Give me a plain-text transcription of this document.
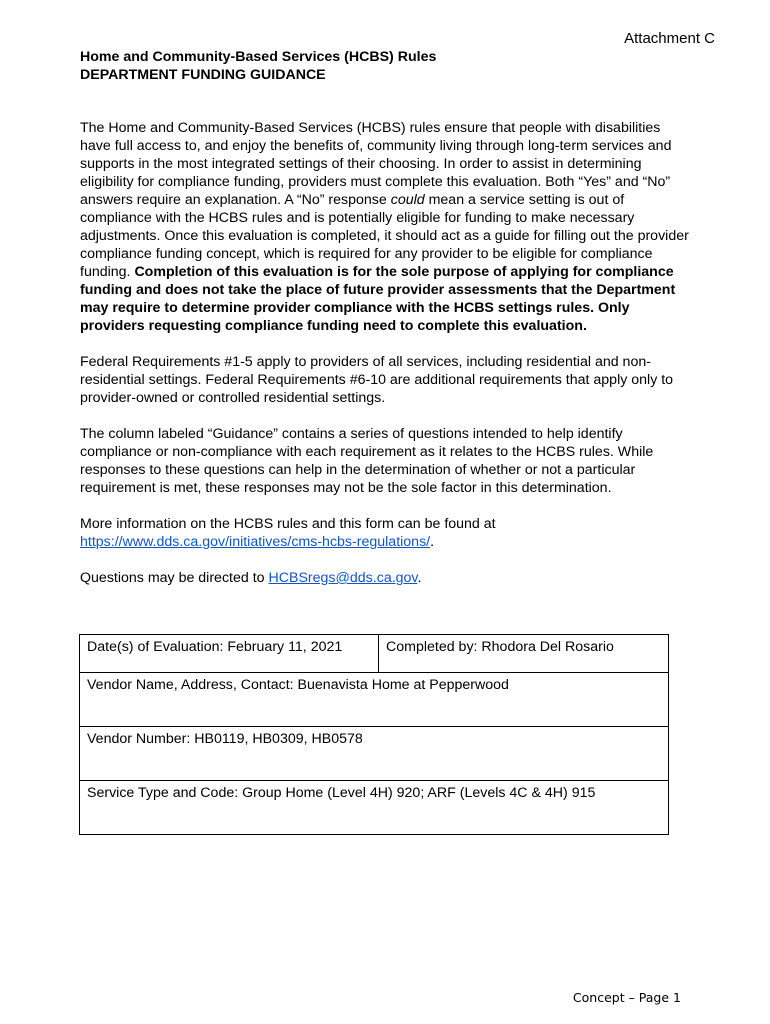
Attachment C
Home and Community-Based Services (HCBS) Rules
DEPARTMENT FUNDING GUIDANCE

The Home and Community-Based Services (HCBS) rules ensure that people with disabilities have full access to, and enjoy the benefits of, community living through long-term services and supports in the most integrated settings of their choosing. In order to assist in determining eligibility for compliance funding, providers must complete this evaluation. Both “Yes” and “No” answers require an explanation. A “No” response could mean a service setting is out of compliance with the HCBS rules and is potentially eligible for funding to make necessary adjustments. Once this evaluation is completed, it should act as a guide for filling out the provider compliance funding concept, which is required for any provider to be eligible for compliance funding. Completion of this evaluation is for the sole purpose of applying for compliance funding and does not take the place of future provider assessments that the Department may require to determine provider compliance with the HCBS settings rules. Only providers requesting compliance funding need to complete this evaluation.

Federal Requirements #1-5 apply to providers of all services, including residential and non-residential settings. Federal Requirements #6-10 are additional requirements that apply only to provider-owned or controlled residential settings.

The column labeled “Guidance” contains a series of questions intended to help identify compliance or non-compliance with each requirement as it relates to the HCBS rules. While responses to these questions can help in the determination of whether or not a particular requirement is met, these responses may not be the sole factor in this determination.

More information on the HCBS rules and this form can be found at https://www.dds.ca.gov/initiatives/cms-hcbs-regulations/.

Questions may be directed to HCBSregs@dds.ca.gov.

Date(s) of Evaluation: February 11, 2021	Completed by: Rhodora Del Rosario
Vendor Name, Address, Contact: Buenavista Home at Pepperwood
Vendor Number: HB0119, HB0309, HB0578
Service Type and Code: Group Home (Level 4H) 920; ARF (Levels 4C & 4H) 915
Concept – Page 1
